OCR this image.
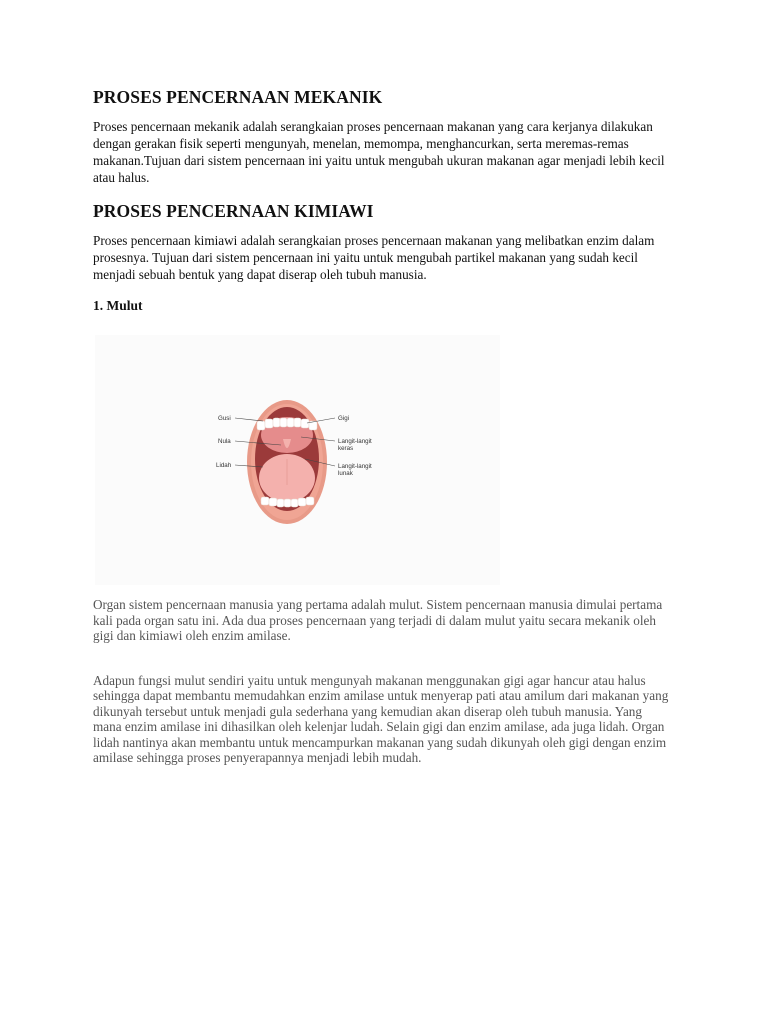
PROSES PENCERNAAN MEKANIK

Proses pencernaan mekanik adalah serangkaian proses pencernaan makanan yang cara kerjanya dilakukan dengan gerakan fisik seperti mengunyah, menelan, memompa, menghancurkan, serta meremas-remas makanan.Tujuan dari sistem pencernaan ini yaitu untuk mengubah ukuran makanan agar menjadi lebih kecil atau halus.

PROSES PENCERNAAN KIMIAWI

Proses pencernaan kimiawi adalah serangkaian proses pencernaan makanan yang melibatkan enzim dalam prosesnya. Tujuan dari sistem pencernaan ini yaitu untuk mengubah partikel makanan yang sudah kecil menjadi sebuah bentuk yang dapat diserap oleh tubuh manusia.

1. Mulut
Gusi
Nula
Lidah
Gigi
Langit-langit
keras
Langit-langit
lunak

Organ sistem pencernaan manusia yang pertama adalah mulut. Sistem pencernaan manusia dimulai pertama kali pada organ satu ini. Ada dua proses pencernaan yang terjadi di dalam mulut yaitu secara mekanik oleh gigi dan kimiawi oleh enzim amilase.

Adapun fungsi mulut sendiri yaitu untuk mengunyah makanan menggunakan gigi agar hancur atau halus sehingga dapat membantu memudahkan enzim amilase untuk menyerap pati atau amilum dari makanan yang dikunyah tersebut untuk menjadi gula sederhana yang kemudian akan diserap oleh tubuh manusia. Yang mana enzim amilase ini dihasilkan oleh kelenjar ludah. Selain gigi dan enzim amilase, ada juga lidah. Organ lidah nantinya akan membantu untuk mencampurkan makanan yang sudah dikunyah oleh gigi dengan enzim amilase sehingga proses penyerapannya menjadi lebih mudah.
